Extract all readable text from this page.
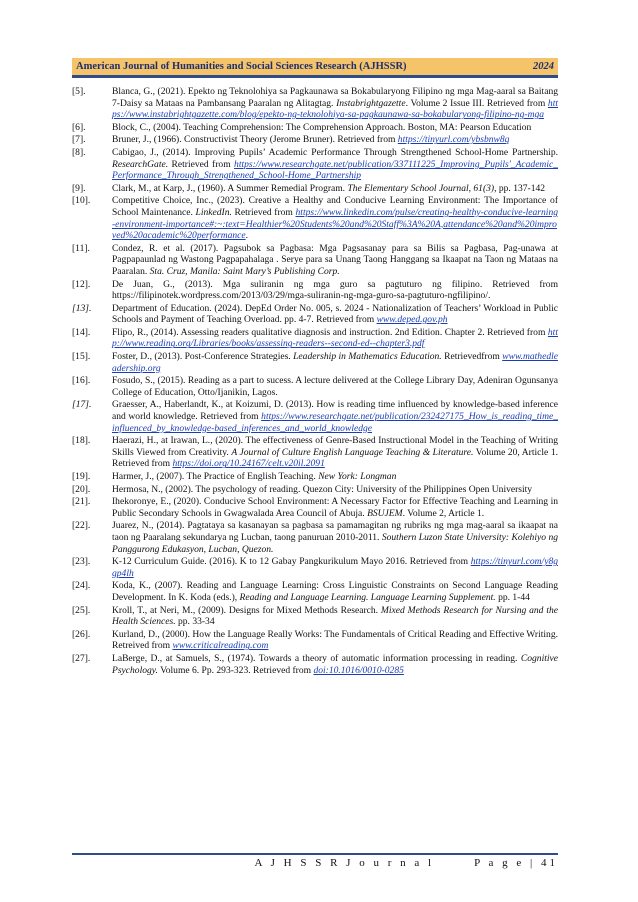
American Journal of Humanities and Social Sciences Research (AJHSSR)	2024
[5].	Blanca, G., (2021). Epekto ng Teknolohiya sa Pagkaunawa sa Bokabularyong Filipino ng mga Mag-aaral sa Baitang 7-Daisy sa Mataas na Pambansang Paaralan ng Alitagtag. Instabrightgazette. Volume 2 Issue III. Retrieved from https://www.instabrightgazette.com/blog/epekto-ng-teknolohiya-sa-pagkaunawa-sa-bokabularyong-filipino-ng-mga
[6].	Block, C., (2004). Teaching Comprehension: The Comprehension Approach. Boston, MA: Pearson Education
[7].	Bruner, J., (1966). Constructivist Theory (Jerome Bruner). Retrieved from https://tinyurl.com/ybsbnw8q
[8].	Cabigao, J., (2014). Improving Pupils’ Academic Performance Through Strengthened School-Home Partnership. ResearchGate. Retrieved from https://www.researchgate.net/publication/337111225_Improving_Pupils'_Academic_Performance_Through_Strengthened_School-Home_Partnership
[9].	Clark, M., at Karp, J., (1960). A Summer Remedial Program. The Elementary School Journal, 61(3), pp. 137-142
[10].	Competitive Choice, Inc., (2023). Creative a Healthy and Conducive Learning Environment: The Importance of School Maintenance. LinkedIn. Retrieved from https://www.linkedin.com/pulse/creating-healthy-conducive-learning-environment-importance#:~:text=Healthier%20Students%20and%20Staff%3A%20A,attendance%20and%20improved%20academic%20performance.
[11].	Condez, R. et al. (2017). Pagsubok sa Pagbasa: Mga Pagsasanay para sa Bilis sa Pagbasa, Pag-unawa at Pagpapaunlad ng Wastong Pagpapahalaga . Serye para sa Unang Taong Hanggang sa Ikaapat na Taon ng Mataas na Paaralan. Sta. Cruz, Manila: Saint Mary’s Publishing Corp.
[12].	De Juan, G., (2013). Mga suliranin ng mga guro sa pagtuturo ng filipino. Retrieved from https://filipinotek.wordpress.com/2013/03/29/mga-suliranin-ng-mga-guro-sa-pagtuturo-ngfilipino/.
[13].	Department of Education. (2024). DepEd Order No. 005, s. 2024 - Nationalization of Teachers’ Workload in Public Schools and Payment of Teaching Overload. pp. 4-7. Retrieved from www.deped.gov.ph
[14].	Flipo, R., (2014). Assessing readers qualitative diagnosis and instruction. 2nd Edition. Chapter 2. Retrieved from http://www.reading.org/Libraries/books/assessing-readers--second-ed--chapter3.pdf
[15].	Foster, D., (2013). Post-Conference Strategies. Leadership in Mathematics Education. Retrievedfrom www.mathedleadership.org
[16].	Fosudo, S., (2015). Reading as a part to sucess. A lecture delivered at the College Library Day, Adeniran Ogunsanya College of Education, Otto/Ijanikin, Lagos.
[17].	Graesser, A., Haberlandt, K., at Koizumi, D. (2013). How is reading time influenced by knowledge-based inference and world knowledge. Retrieved from https://www.researchgate.net/publication/232427175_How_is_reading_time_influenced_by_knowledge-based_inferences_and_world_knowledge
[18].	Haerazi, H., at Irawan, L., (2020). The effectiveness of Genre-Based Instructional Model in the Teaching of Writing Skills Viewed from Creativity. A Journal of Culture English Language Teaching & Literature. Volume 20, Article 1. Retrieved from https://doi.org/10.24167/celt.v20il.2091
[19].	Harmer, J., (2007). The Practice of English Teaching. New York: Longman
[20].	Hermosa, N., (2002). The psychology of reading. Quezon City: University of the Philippines Open University
[21].	Ihekoronye, E., (2020). Conducive School Environment: A Necessary Factor for Effective Teaching and Learning in Public Secondary Schools in Gwagwalada Area Council of Abuja. BSUJEM. Volume 2, Article 1.
[22].	Juarez, N., (2014). Pagtataya sa kasanayan sa pagbasa sa pamamagitan ng rubriks ng mga mag-aaral sa ikaapat na taon ng Paaralang sekundarya ng Lucban, taong panuruan 2010-2011. Southern Luzon State University: Kolehiyo ng Panggurong Edukasyon, Lucban, Quezon.
[23].	K-12 Curriculum Guide. (2016). K to 12 Gabay Pangkurikulum Mayo 2016. Retrieved from https://tinyurl.com/y8ggp4lh
[24].	Koda, K., (2007). Reading and Language Learning: Cross Linguistic Constraints on Second Language Reading Development. In K. Koda (eds.), Reading and Language Learning. Language Learning Supplement. pp. 1-44
[25].	Kroll, T., at Neri, M., (2009). Designs for Mixed Methods Research. Mixed Methods Research for Nursing and the Health Sciences. pp. 33-34
[26].	Kurland, D., (2000). How the Language Really Works: The Fundamentals of Critical Reading and Effective Writing. Retreived from www.criticalreading.com
[27].	LaBerge, D., at Samuels, S., (1974). Towards a theory of automatic information processing in reading. Cognitive Psychology. Volume 6. Pp. 293-323. Retrieved from doi:10.1016/0010-0285
A J H S S R J o u r n a l	P a g e | 41
